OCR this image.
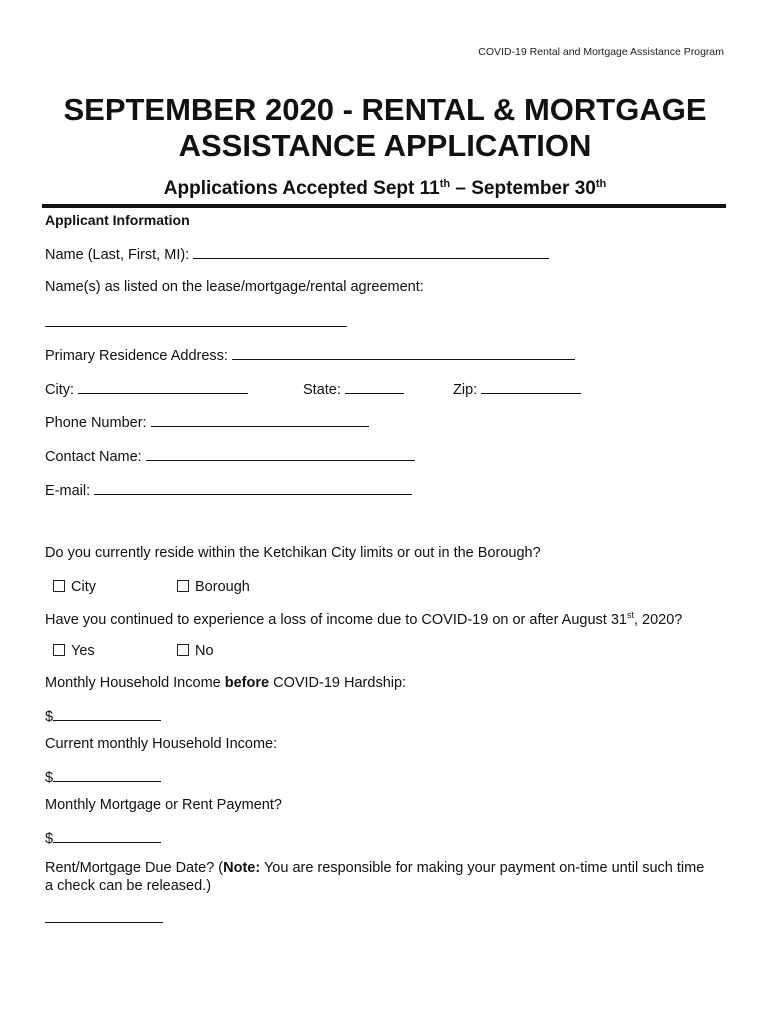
COVID-19 Rental and Mortgage Assistance Program
SEPTEMBER 2020 - RENTAL & MORTGAGE
ASSISTANCE APPLICATION
Applications Accepted Sept 11th – September 30th
Applicant Information
Name (Last, First, MI):
Name(s) as listed on the lease/mortgage/rental agreement:
Primary Residence Address:
City:	State:	Zip:
Phone Number:
Contact Name:
E-mail:
Do you currently reside within the Ketchikan City limits or out in the Borough?
City	Borough
Have you continued to experience a loss of income due to COVID-19 on or after August 31st, 2020?
Yes	No
Monthly Household Income before COVID-19 Hardship:
$
Current monthly Household Income:
$
Monthly Mortgage or Rent Payment?
$
Rent/Mortgage Due Date? (Note: You are responsible for making your payment on-time until such time a check can be released.)
